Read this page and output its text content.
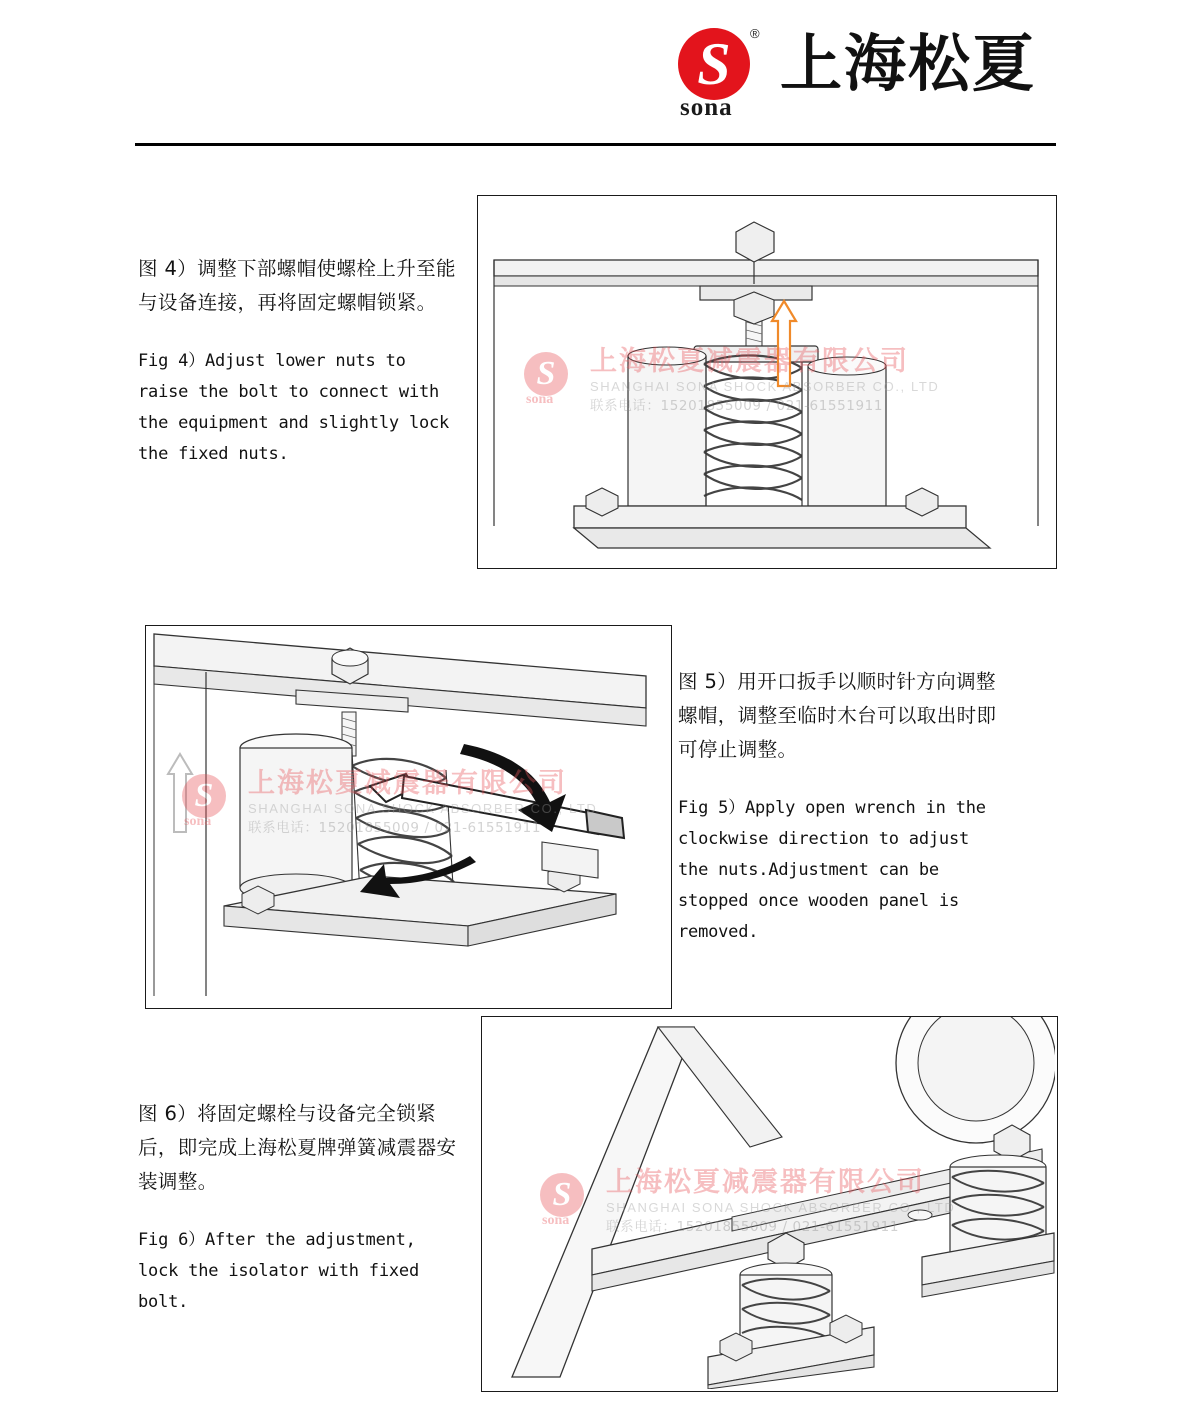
S	®
sona
上海松夏
图 4）调整下部螺帽使螺栓上升至能与设备连接，再将固定螺帽锁紧。
Fig 4）Adjust lower nuts to raise the bolt to connect with the equipment and slightly lock the fixed nuts.
S
sona
上海松夏减震器有限公司
SHANGHAI SONA SHOCK ABSORBER CO., LTD
联系电话：15201855009 / 021-61551911
S
sona
上海松夏减震器有限公司
SHANGHAI SONA SHOCK ABSORBER CO., LTD
联系电话：15201855009 / 021-61551911
图 5）用开口扳手以顺时针方向调整螺帽，调整至临时木台可以取出时即可停止调整。
Fig 5）Apply open wrench in the clockwise direction to adjust the nuts.Adjustment can be stopped once wooden panel is removed.
图 6）将固定螺栓与设备完全锁紧后，即完成上海松夏牌弹簧减震器安 装调整。
Fig 6）After the adjustment, lock the isolator with fixed bolt.
S
sona
上海松夏减震器有限公司
SHANGHAI SONA SHOCK ABSORBER CO., LTD
联系电话：15201855009 / 021-61551911
